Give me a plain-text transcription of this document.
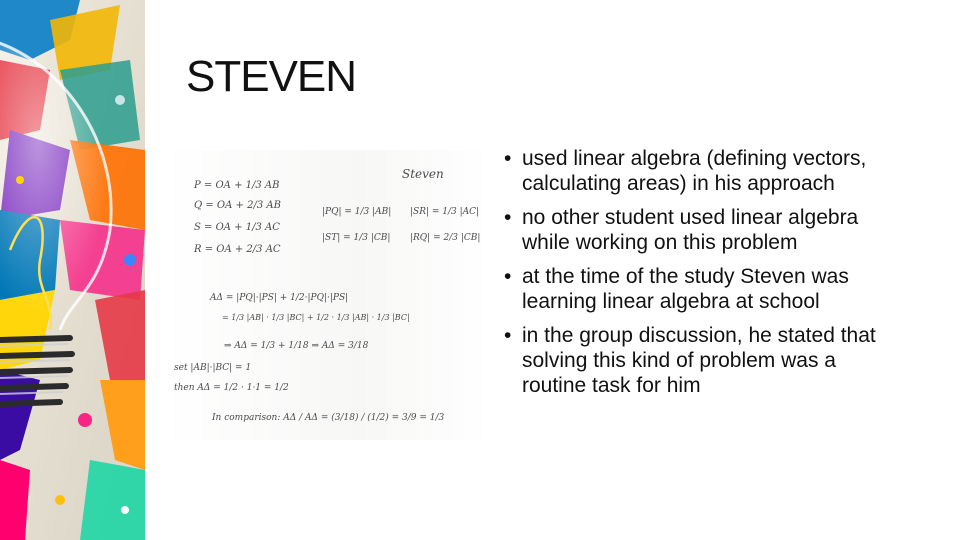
STEVEN
Steven
P = OA + 1/3 AB
Q = OA + 2/3 AB
S = OA + 1/3 AC
R = OA + 2/3 AC
|PQ| = 1/3 |AB| |SR| = 1/3 |AC|
|ST| = 1/3 |CB| |RQ| = 2/3 |CB|
AΔ = |PQ|·|PS| + 1/2·|PQ|·|PS|
= 1/3 |AB| · 1/3 |BC| + 1/2 · 1/3 |AB| · 1/3 |BC|
⇒ AΔ = 1/3 + 1/18 ⇒ AΔ = 3/18
set |AB|·|BC| = 1
then AΔ = 1/2 · 1·1 = 1/2
In comparison: AΔ / AΔ = (3/18) / (1/2) = 3/9 = 1/3
• used linear algebra (defining vectors, calculating areas) in his approach
• no other student used linear algebra while working on this problem
• at the time of the study Steven was learning linear algebra at school
• in the group discussion, he stated that solving this kind of problem was a routine task for him
